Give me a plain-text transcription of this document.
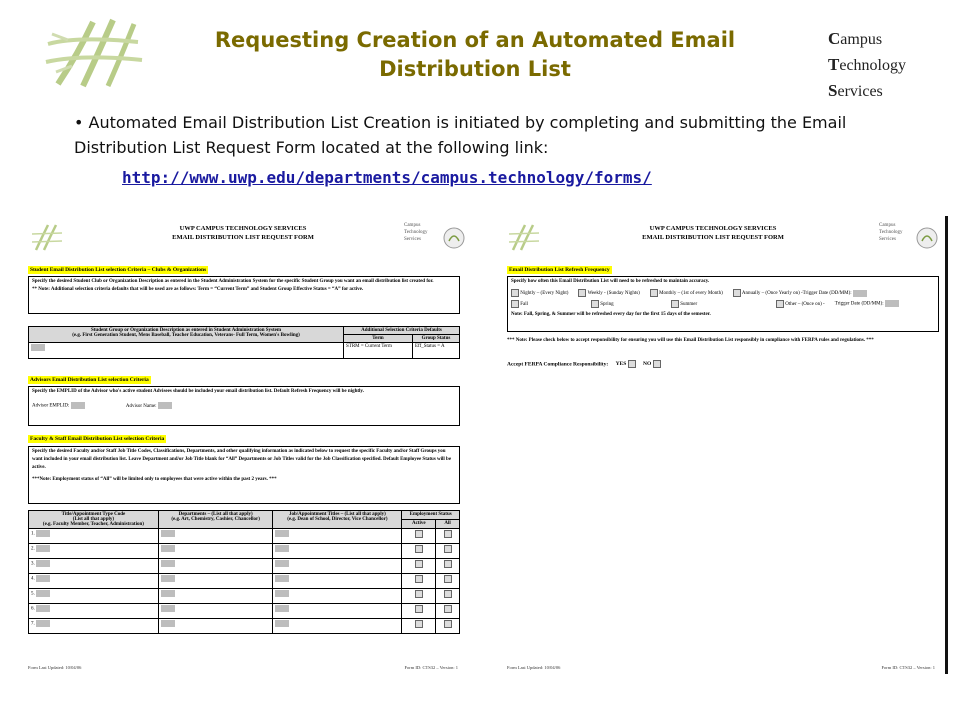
Requesting Creation of an Automated Email
Distribution List
Campus
Technology
Services
• Automated Email Distribution List Creation is initiated by completing and submitting the Email Distribution List Request Form located at the following link:
http://www.uwp.edu/departments/campus.technology/forms/
UWP CAMPUS TECHNOLOGY SERVICES
EMAIL DISTRIBUTION LIST REQUEST FORM
Campus Technology Services
Student Email Distribution List selection Criteria – Clubs & Organizations
Specify the desired Student Club or Organization Description as entered in the Student Administration System for the specific Student Group you want an email distribution list created for.
** Note: Additional selection criteria defaults that will be used are as follows: Term = “Current Term” and Student Group Effective Status = “A” for active.
Student Group or Organization Description as entered in Student Administration System
(e.g. First Generation Student, Mens Baseball, Teacher Education, Veterans- Full Term, Women's Bowling)	Additional Selection Criteria Defaults	
	Term	Group Status
	STRM = Current Term	Eff_Status = A
Advisors Email Distribution List selection Criteria
Specify the EMPLID of the Advisor who's active student Advisees should be included your email distribution list. Default Refresh Frequency will be nightly.
Advisor EMPLID:	Advisor Name:
Faculty & Staff Email Distribution List selection Criteria
Specify the desired Faculty and/or Staff Job Title Codes, Classifications, Departments, and other qualifying information as indicated below to request the specific Faculty and/or Staff Groups you want included in your email distribution list. Leave Department and/or Job Title blank for “All” Departments or Job Titles valid for the Job Classification specified. Default Employee Status will be active.
***Note: Employment status of “All” will be limited only to employees that were active within the past 2 years. ***
Title/Appointment Type Code
(List all that apply)
(e.g. Faculty Member, Teacher, Administration)	Departments – (List all that apply)
(e.g. Art, Chemistry, Cashier, Chancellor)	Job/Appointment Titles – (List all that apply)
(e.g. Dean of School, Director, Vice Chancellor)	Employment Status	
			Active	All
1.				
2.				
3.				
4.				
5.				
6.				
7.				
Form Last Updated: 10/04/06	Form ID: CTS32 – Version: 1
UWP CAMPUS TECHNOLOGY SERVICES
EMAIL DISTRIBUTION LIST REQUEST FORM
Campus Technology Services
Email Distribution List Refresh Frequency
Specify how often this Email Distribution List will need to be refreshed to maintain accuracy.
Nightly – (Every Night)	Weekly - (Sunday Nights)	Monthly – (1st of every Month)	Annually – (Once Yearly on) -Trigger Date (DD/MM):
Fall	Spring	Summer	Other – (Once on) - Trigger Date (DD/MM):
Note: Fall, Spring, & Summer will be refreshed every day for the first 15 days of the semester.
*** Note: Please check below to accept responsibility for ensuring you will use this Email Distribution List responsibly in compliance with FERPA rules and regulations. ***
Accept FERPA Compliance Responsibility: YES	NO
Form Last Updated: 10/04/06	Form ID: CTS32 – Version: 1
